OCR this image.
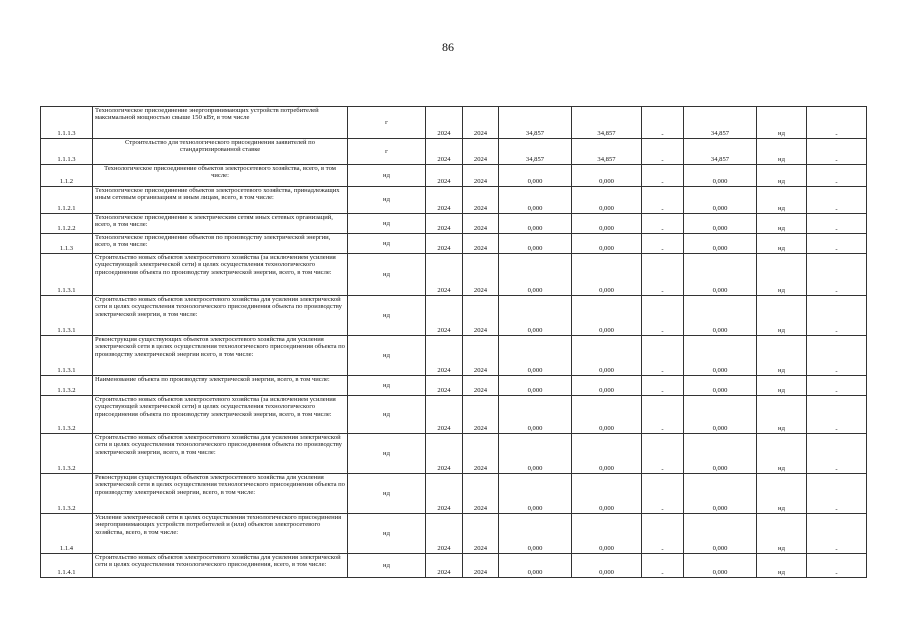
86
1.1.1.3	Технологическое присоединение энергопринимающих устройств потребителей максимальной мощностью свыше 150 кВт, в том числе	г	2024	2024	34,857	34,857	-	34,857	нд	-
1.1.1.3	Строительство для технологического присоединения заявителей по стандартизированной ставке	г	2024	2024	34,857	34,857	-	34,857	нд	-
1.1.2	Технологическое присоединение объектов электросетевого хозяйства, всего, в том числе:	нд	2024	2024	0,000	0,000	-	0,000	нд	-
1.1.2.1	Технологическое присоединение объектов электросетевого хозяйства, принадлежащих иным сетевым организациям и иным лицам, всего, в том числе:	нд	2024	2024	0,000	0,000	-	0,000	нд	-
1.1.2.2	Технологическое присоединение к электрическим сетям иных сетевых организаций, всего, в том числе:	нд	2024	2024	0,000	0,000	-	0,000	нд	-
1.1.3	Технологическое присоединение объектов по производству электрической энергии, всего, в том числе:	нд	2024	2024	0,000	0,000	-	0,000	нд	-
1.1.3.1	Строительство новых объектов электросетевого хозяйства (за исключением усиления существующей электрической сети) в целях осуществления технологического присоединения объекта по производству электрической энергии, всего, в том числе:	нд	2024	2024	0,000	0,000	-	0,000	нд	-
1.1.3.1	Строительство новых объектов электросетевого хозяйства для усиления электрической сети в целях осуществления технологического присоединения объекта по производству электрической энергии, в том числе:	нд	2024	2024	0,000	0,000	-	0,000	нд	-
1.1.3.1	Реконструкция существующих объектов электросетевого хозяйства для усиления электрической сети в целях осуществления технологического присоединения объекта по производству электрической энергии всего, в том числе:	нд	2024	2024	0,000	0,000	-	0,000	нд	-
1.1.3.2	Наименование объекта по производству электрической энергии, всего, в том числе:	нд	2024	2024	0,000	0,000	-	0,000	нд	-
1.1.3.2	Строительство новых объектов электросетевого хозяйства (за исключением усиления существующей электрической сети) в целях осуществления технологического присоединения объекта по производству электрической энергии, всего, в том числе:	нд	2024	2024	0,000	0,000	-	0,000	нд	-
1.1.3.2	Строительство новых объектов электросетевого хозяйства для усиления электрической сети в целях осуществления технологического присоединения объекта по производству электрической энергии, всего, в том числе:	нд	2024	2024	0,000	0,000	-	0,000	нд	-
1.1.3.2	Реконструкция существующих объектов электросетевого хозяйства для усиления электрической сети в целях осуществления технологического присоединения объекта по производству электрической энергии, всего, в том числе:	нд	2024	2024	0,000	0,000	-	0,000	нд	-
1.1.4	Усиление электрической сети в целях осуществления технологического присоединения энергопринимающих устройств потребителей и (или) объектов электросетевого хозяйства, всего, в том числе:	нд	2024	2024	0,000	0,000	-	0,000	нд	-
1.1.4.1	Строительство новых объектов электросетевого хозяйства для усиления электрической сети в целях осуществления технологического присоединения, всего, в том числе:	нд	2024	2024	0,000	0,000	-	0,000	нд	-
